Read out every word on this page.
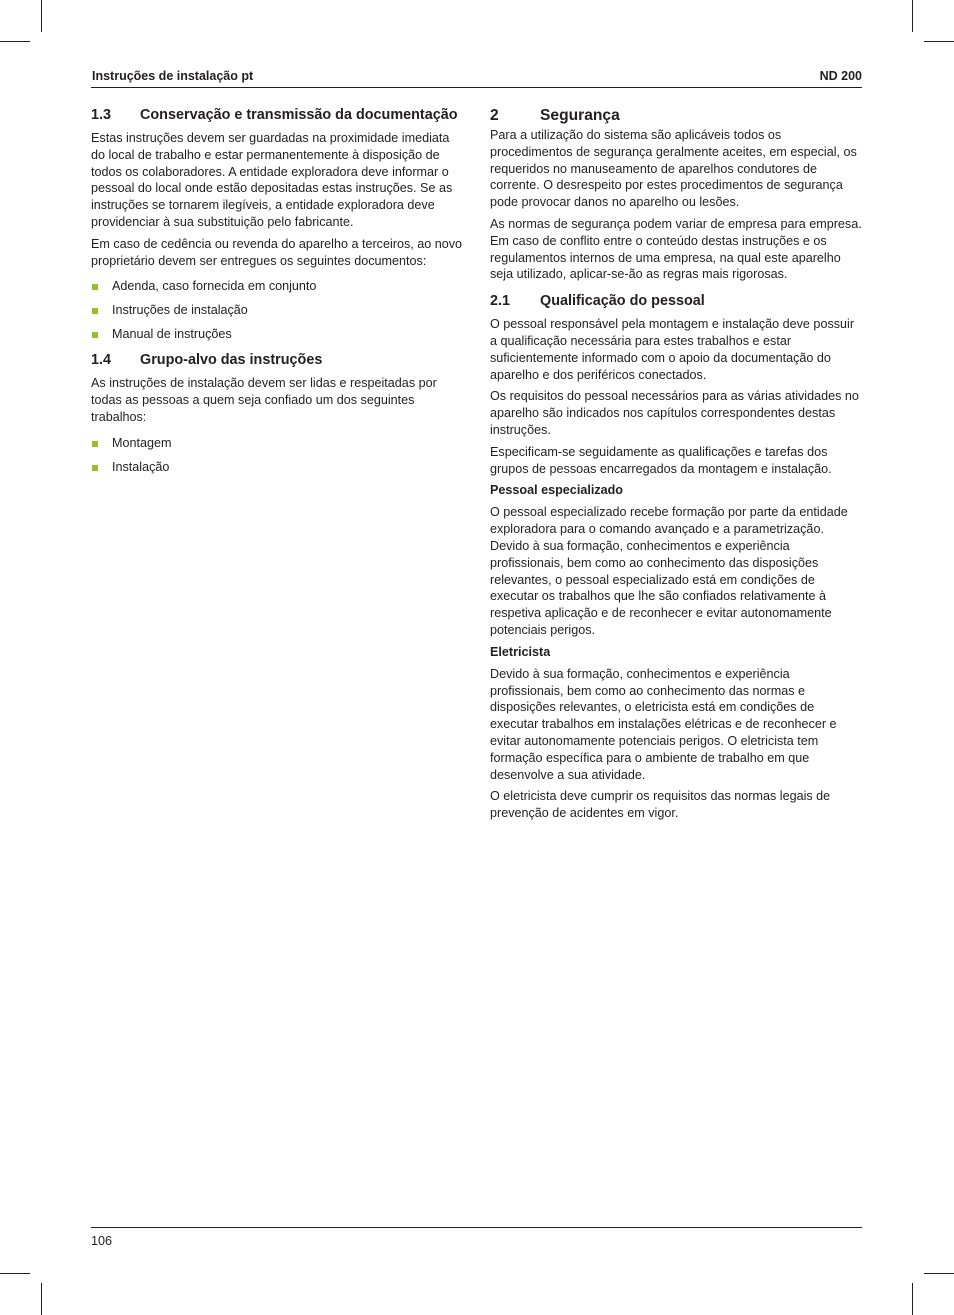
Instruções de instalação pt	ND 200
1.3	Conservação e transmissão da documentação

Estas instruções devem ser guardadas na proximidade imediata do local de trabalho e estar permanentemente à disposição de todos os colaboradores. A entidade exploradora deve informar o pessoal do local onde estão depositadas estas instruções. Se as instruções se tornarem ilegíveis, a entidade exploradora deve providenciar à sua substituição pelo fabricante.

Em caso de cedência ou revenda do aparelho a terceiros, ao novo proprietário devem ser entregues os seguintes documentos:

Adenda, caso fornecida em conjunto
Instruções de instalação
Manual de instruções
1.4	Grupo-alvo das instruções

As instruções de instalação devem ser lidas e respeitadas por todas as pessoas a quem seja confiado um dos seguintes trabalhos:

Montagem
Instalação
2	Segurança

Para a utilização do sistema são aplicáveis todos os procedimentos de segurança geralmente aceites, em especial, os requeridos no manuseamento de aparelhos condutores de corrente. O desrespeito por estes procedimentos de segurança pode provocar danos no aparelho ou lesões.

As normas de segurança podem variar de empresa para empresa. Em caso de conflito entre o conteúdo destas instruções e os regulamentos internos de uma empresa, na qual este aparelho seja utilizado, aplicar-se-ão as regras mais rigorosas.

2.1	Qualificação do pessoal

O pessoal responsável pela montagem e instalação deve possuir a qualificação necessária para estes trabalhos e estar suficientemente informado com o apoio da documentação do aparelho e dos periféricos conectados.

Os requisitos do pessoal necessários para as várias atividades no aparelho são indicados nos capítulos correspondentes destas instruções.

Especificam-se seguidamente as qualificações e tarefas dos grupos de pessoas encarregados da montagem e instalação.

Pessoal especializado

O pessoal especializado recebe formação por parte da entidade exploradora para o comando avançado e a parametrização. Devido à sua formação, conhecimentos e experiência profissionais, bem como ao conhecimento das disposições relevantes, o pessoal especializado está em condições de executar os trabalhos que lhe são confiados relativamente à respetiva aplicação e de reconhecer e evitar autonomamente potenciais perigos.

Eletricista

Devido à sua formação, conhecimentos e experiência profissionais, bem como ao conhecimento das normas e disposições relevantes, o eletricista está em condições de executar trabalhos em instalações elétricas e de reconhecer e evitar autonomamente potenciais perigos. O eletricista tem formação específica para o ambiente de trabalho em que desenvolve a sua atividade.

O eletricista deve cumprir os requisitos das normas legais de prevenção de acidentes em vigor.

106
